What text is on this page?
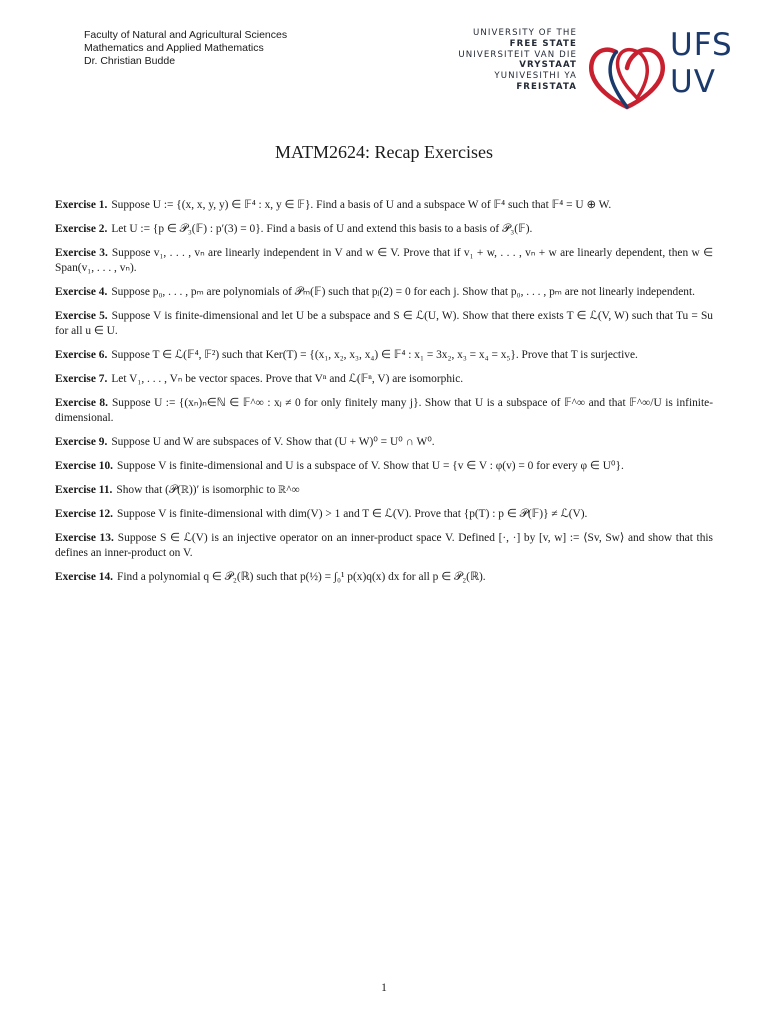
Faculty of Natural and Agricultural Sciences
Mathematics and Applied Mathematics
Dr. Christian Budde
UNIVERSITY OF THE
FREE STATE
UNIVERSITEIT VAN DIE
VRYSTAAT
YUNIVESITHI YA
FREISTATA
UFS
UV
MATM2624: Recap Exercises

Exercise 1. Suppose U := {(x, x, y, y) ∈ 𝔽⁴ : x, y ∈ 𝔽}. Find a basis of U and a subspace W of 𝔽⁴ such that 𝔽⁴ = U ⊕ W.

Exercise 2. Let U := {p ∈ 𝒫₃(𝔽) : p′(3) = 0}. Find a basis of U and extend this basis to a basis of 𝒫₃(𝔽).

Exercise 3. Suppose v₁, . . . , vₙ are linearly independent in V and w ∈ V. Prove that if v₁ + w, . . . , vₙ + w are linearly dependent, then w ∈ Span(v₁, . . . , vₙ).

Exercise 4. Suppose p₀, . . . , pₘ are polynomials of 𝒫ₘ(𝔽) such that pⱼ(2) = 0 for each j. Show that p₀, . . . , pₘ are not linearly independent.

Exercise 5. Suppose V is finite-dimensional and let U be a subspace and S ∈ ℒ(U, W). Show that there exists T ∈ ℒ(V, W) such that Tu = Su for all u ∈ U.

Exercise 6. Suppose T ∈ ℒ(𝔽⁴, 𝔽²) such that Ker(T) = {(x₁, x₂, x₃, x₄) ∈ 𝔽⁴ : x₁ = 3x₂, x₃ = x₄ = x₅}. Prove that T is surjective.

Exercise 7. Let V₁, . . . , Vₙ be vector spaces. Prove that Vⁿ and ℒ(𝔽ⁿ, V) are isomorphic.

Exercise 8. Suppose U := {(xₙ)ₙ∈ℕ ∈ 𝔽^∞ : xⱼ ≠ 0 for only finitely many j}. Show that U is a subspace of 𝔽^∞ and that 𝔽^∞/U is infinite-dimensional.

Exercise 9. Suppose U and W are subspaces of V. Show that (U + W)⁰ = U⁰ ∩ W⁰.

Exercise 10. Suppose V is finite-dimensional and U is a subspace of V. Show that U = {v ∈ V : φ(v) = 0 for every φ ∈ U⁰}.

Exercise 11. Show that (𝒫(ℝ))′ is isomorphic to ℝ^∞

Exercise 12. Suppose V is finite-dimensional with dim(V) > 1 and T ∈ ℒ(V). Prove that {p(T) : p ∈ 𝒫(𝔽)} ≠ ℒ(V).

Exercise 13. Suppose S ∈ ℒ(V) is an injective operator on an inner-product space V. Defined [·, ·] by [v, w] := ⟨Sv, Sw⟩ and show that this defines an inner-product on V.

Exercise 14. Find a polynomial q ∈ 𝒫₂(ℝ) such that p(½) = ∫₀¹ p(x)q(x) dx for all p ∈ 𝒫₂(ℝ).

1
